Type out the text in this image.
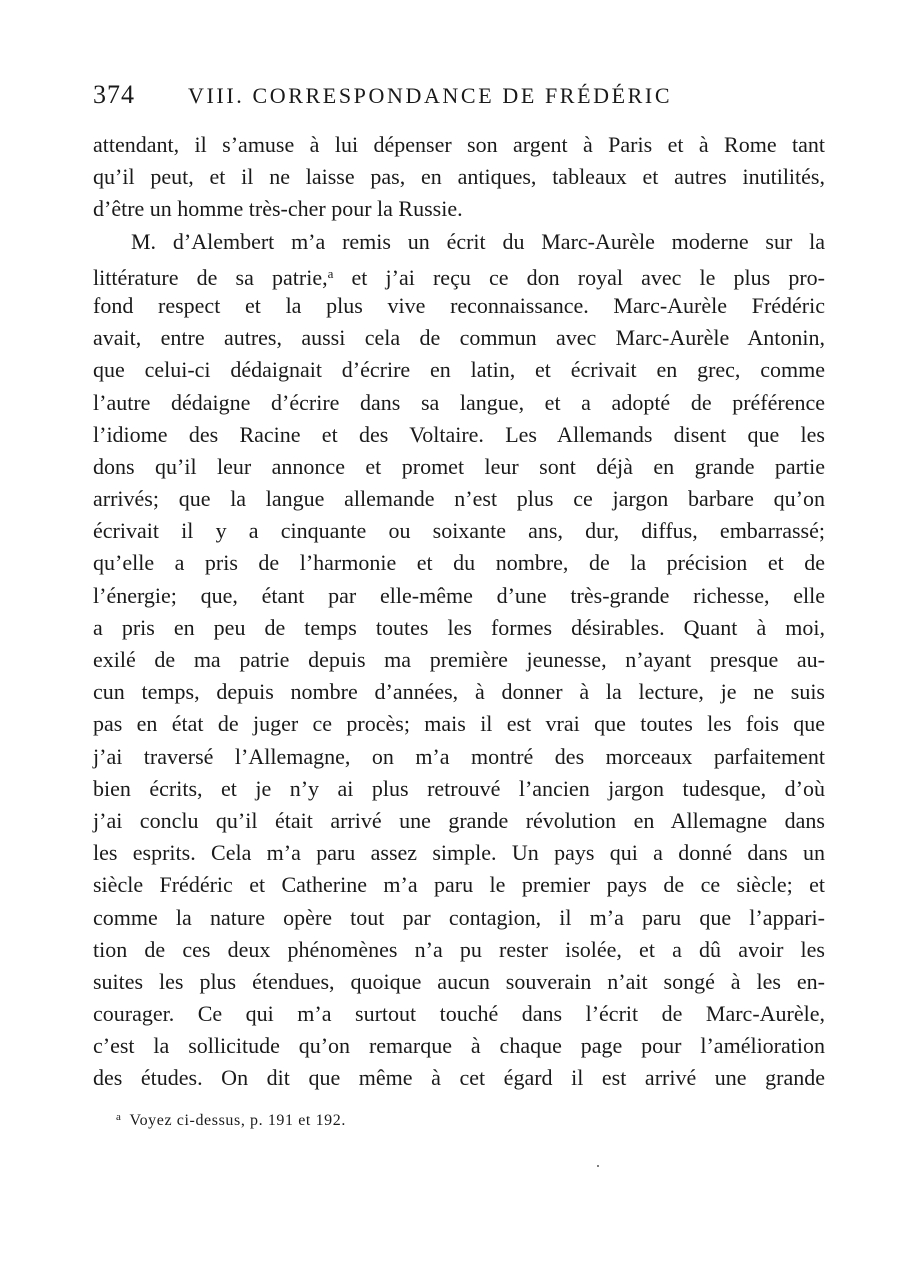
374 VIII. CORRESPONDANCE DE FRÉDÉRIC
attendant, il s’amuse à lui dépenser son argent à Paris et à Rome tant
qu’il peut, et il ne laisse pas, en antiques, tableaux et autres inutilités,
d’être un homme très-cher pour la Russie.
M. d’Alembert m’a remis un écrit du Marc-Aurèle moderne sur la
littérature de sa patrie,$^a$ et j’ai reçu ce don royal avec le plus pro-
fond respect et la plus vive reconnaissance. Marc-Aurèle Frédéric
avait, entre autres, aussi cela de commun avec Marc-Aurèle Antonin,
que celui-ci dédaignait d’écrire en latin, et écrivait en grec, comme
l’autre dédaigne d’écrire dans sa langue, et a adopté de préférence
l’idiome des Racine et des Voltaire. Les Allemands disent que les
dons qu’il leur annonce et promet leur sont déjà en grande partie
arrivés; que la langue allemande n’est plus ce jargon barbare qu’on
écrivait il y a cinquante ou soixante ans, dur, diffus, embarrassé;
qu’elle a pris de l’harmonie et du nombre, de la précision et de
l’énergie; que, étant par elle-même d’une très-grande richesse, elle
a pris en peu de temps toutes les formes désirables. Quant à moi,
exilé de ma patrie depuis ma première jeunesse, n’ayant presque au-
cun temps, depuis nombre d’années, à donner à la lecture, je ne suis
pas en état de juger ce procès; mais il est vrai que toutes les fois que
j’ai traversé l’Allemagne, on m’a montré des morceaux parfaitement
bien écrits, et je n’y ai plus retrouvé l’ancien jargon tudesque, d’où
j’ai conclu qu’il était arrivé une grande révolution en Allemagne dans
les esprits. Cela m’a paru assez simple. Un pays qui a donné dans un
siècle Frédéric et Catherine m’a paru le premier pays de ce siècle; et
comme la nature opère tout par contagion, il m’a paru que l’appari-
tion de ces deux phénomènes n’a pu rester isolée, et a dû avoir les
suites les plus étendues, quoique aucun souverain n’ait songé à les en-
courager. Ce qui m’a surtout touché dans l’écrit de Marc-Aurèle,
c’est la sollicitude qu’on remarque à chaque page pour l’amélioration
des études. On dit que même à cet égard il est arrivé une grande
$^a$ Voyez ci-dessus, p. 191 et 192.
